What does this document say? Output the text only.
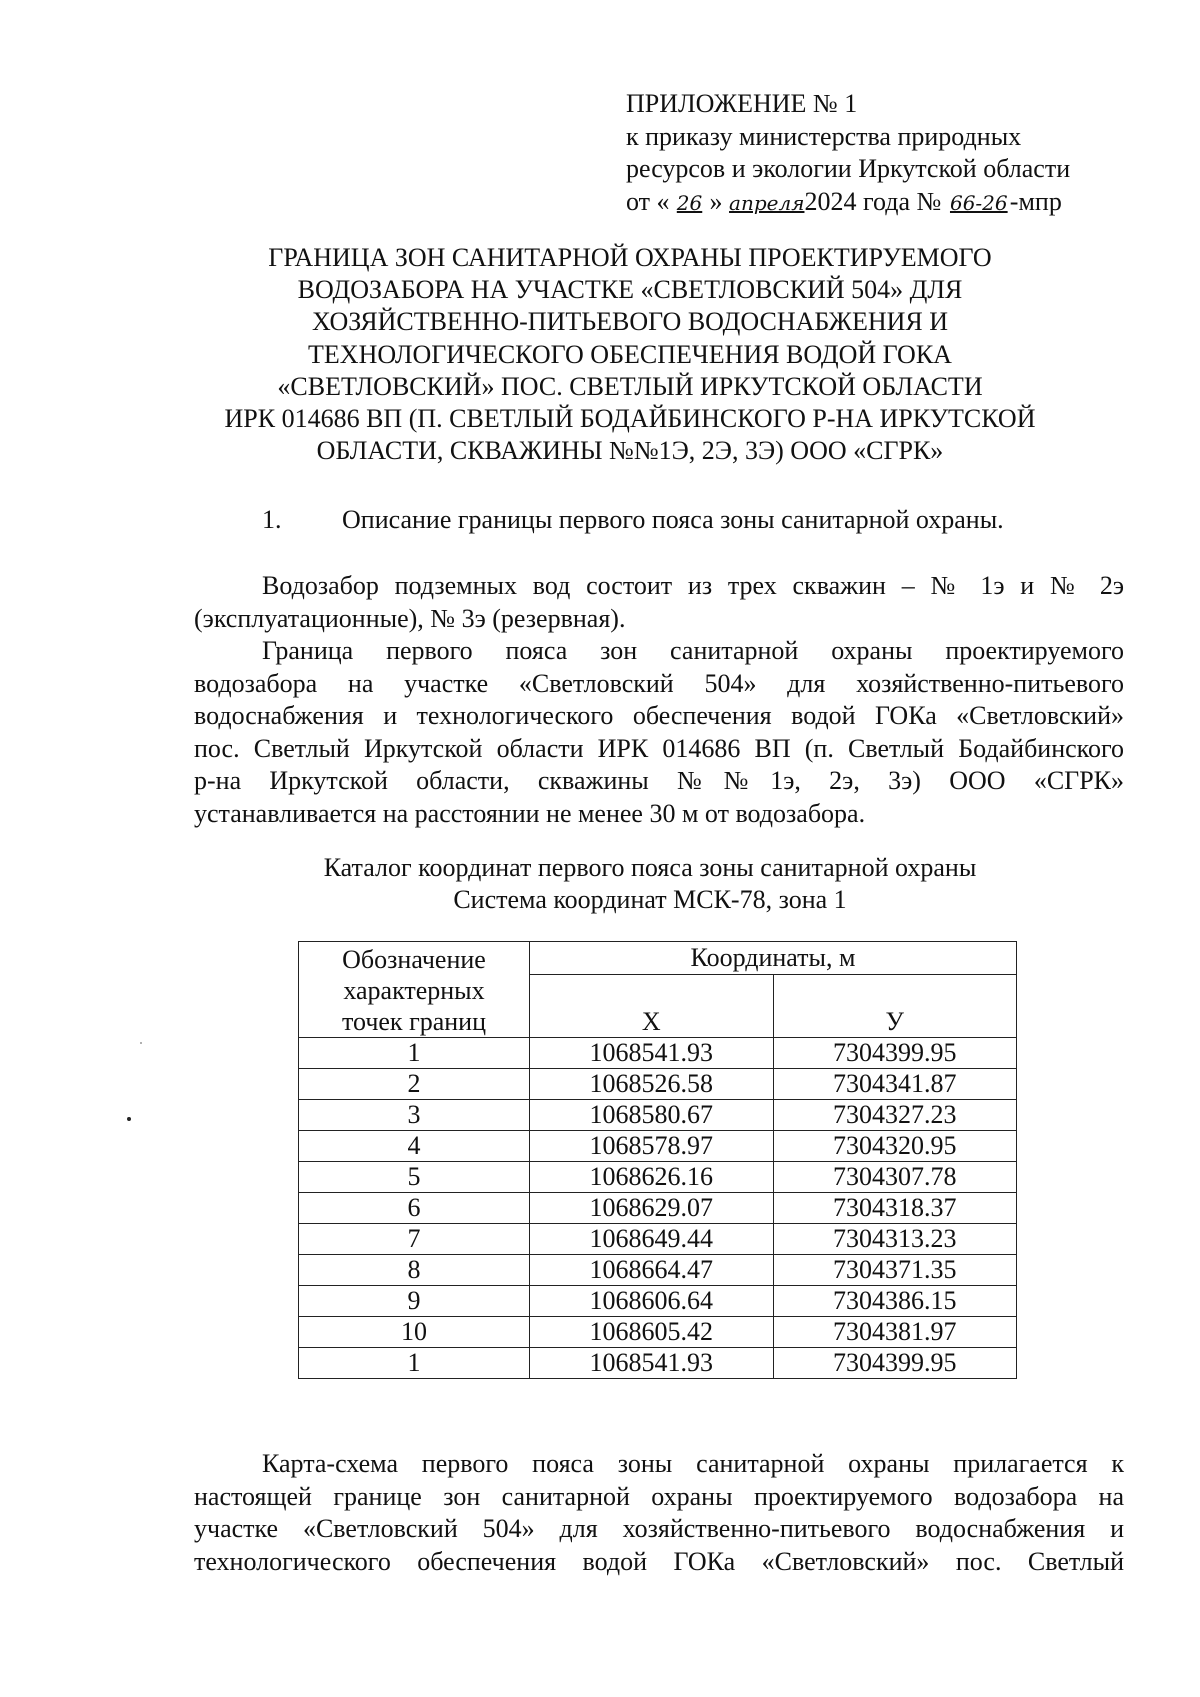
ПРИЛОЖЕНИЕ № 1
к приказу министерства природных
ресурсов и экологии Иркутской области
от « 26 » апреля2024 года № 66-26-мпр
ГРАНИЦА ЗОН САНИТАРНОЙ ОХРАНЫ ПРОЕКТИРУЕМОГО
ВОДОЗАБОРА НА УЧАСТКЕ «СВЕТЛОВСКИЙ 504» ДЛЯ
ХОЗЯЙСТВЕННО-ПИТЬЕВОГО ВОДОСНАБЖЕНИЯ И
ТЕХНОЛОГИЧЕСКОГО ОБЕСПЕЧЕНИЯ ВОДОЙ ГОКА
«СВЕТЛОВСКИЙ» ПОС. СВЕТЛЫЙ ИРКУТСКОЙ ОБЛАСТИ
ИРК 014686 ВП (П. СВЕТЛЫЙ БОДАЙБИНСКОГО Р-НА ИРКУТСКОЙ
ОБЛАСТИ, СКВАЖИНЫ №№1Э, 2Э, 3Э) ООО «СГРК»
1. Описание границы первого пояса зоны санитарной охраны.
Водозабор подземных вод состоит из трех скважин – № 1э и № 2э
(эксплуатационные), № 3э (резервная).
Граница первого пояса зон санитарной охраны проектируемого
водозабора на участке «Светловский 504» для хозяйственно-питьевого
водоснабжения и технологического обеспечения водой ГОКа «Светловский»
пос. Светлый Иркутской области ИРК 014686 ВП (п. Светлый Бодайбинского
р-на Иркутской области, скважины №№1э, 2э, 3э) ООО «СГРК»
устанавливается на расстоянии не менее 30 м от водозабора.
Каталог координат первого пояса зоны санитарной охраны
Система координат МСК-78, зона 1
Обозначение
характерных
точек границ	Координаты, м	
	X	У
1	1068541.93	7304399.95
2	1068526.58	7304341.87
3	1068580.67	7304327.23
4	1068578.97	7304320.95
5	1068626.16	7304307.78
6	1068629.07	7304318.37
7	1068649.44	7304313.23
8	1068664.47	7304371.35
9	1068606.64	7304386.15
10	1068605.42	7304381.97
1	1068541.93	7304399.95
Карта-схема первого пояса зоны санитарной охраны прилагается к
настоящей границе зон санитарной охраны проектируемого водозабора на
участке «Светловский 504» для хозяйственно-питьевого водоснабжения и
технологического обеспечения водой ГОКа «Светловский» пос. Светлый
